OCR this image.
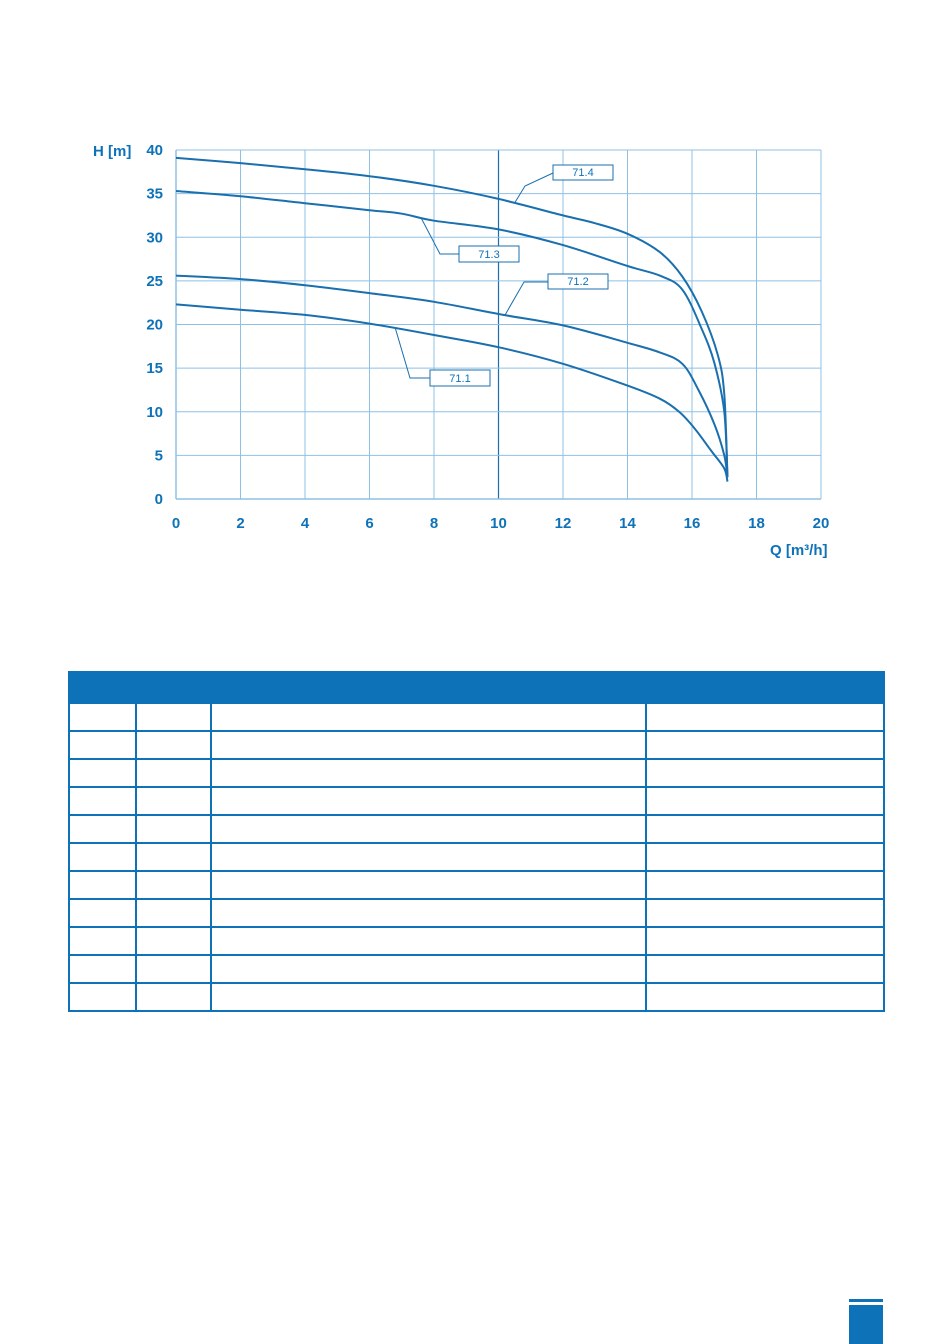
0
5
10
15
20
25
30
35
40
0	2	4	6	8	10	12	14	16	18	20
71.4
71.3
71.2
71.1
H [m]
Q [m³/h]
